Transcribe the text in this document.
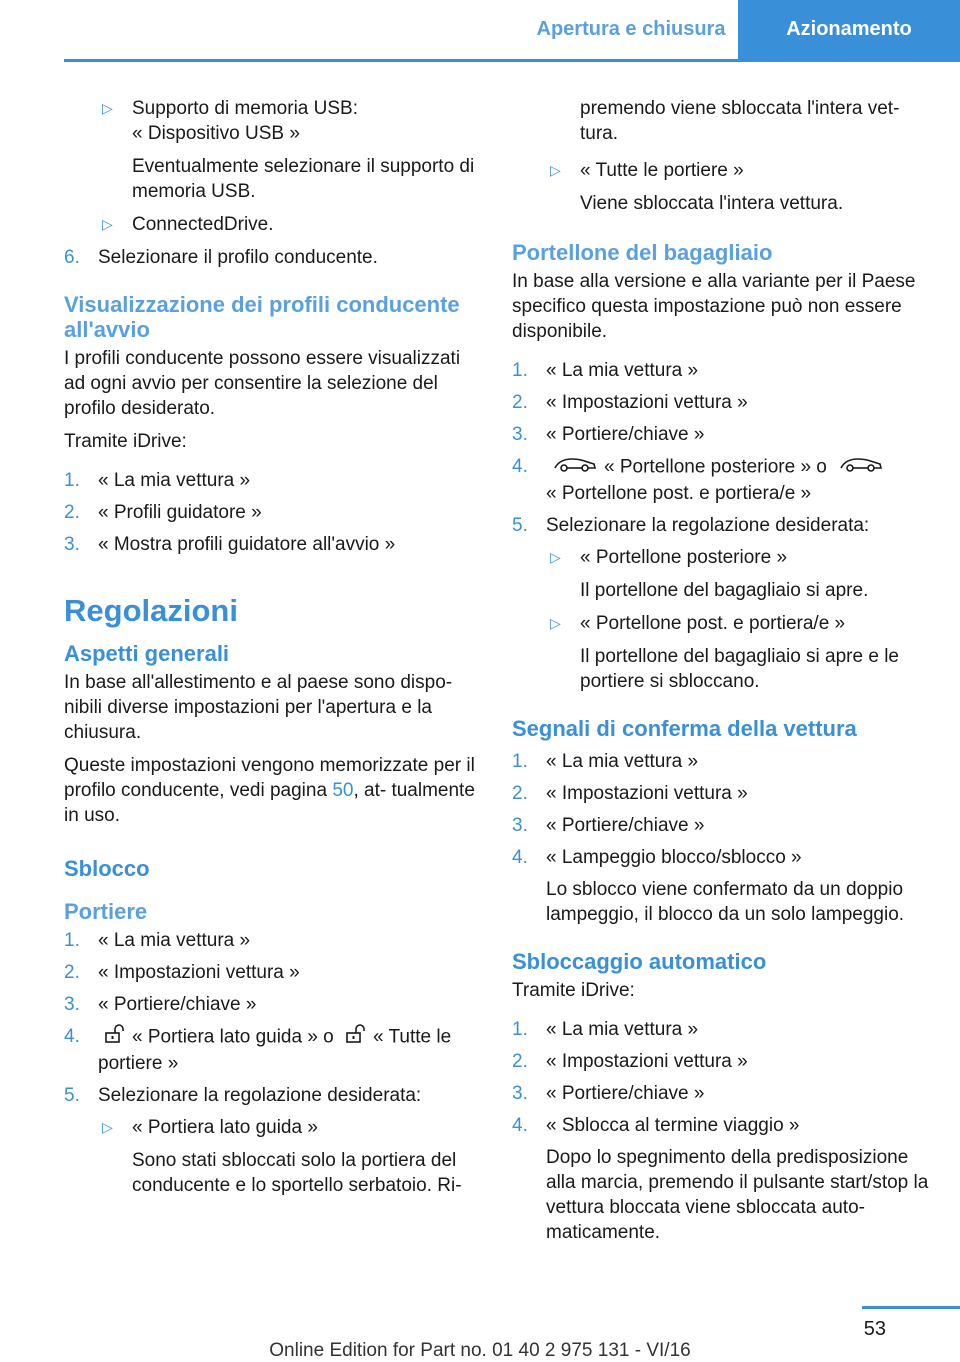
Apertura e chiusura	Azionamento
▷ Supporto di memoria USB:
« Dispositivo USB »
Eventualmente selezionare il supporto di memoria USB.
▷ ConnectedDrive.
6. Selezionare il profilo conducente.
Visualizzazione dei profili conducente all'avvio

I profili conducente possono essere visualizzati ad ogni avvio per consentire la selezione del profilo desiderato.

Tramite iDrive:

1. « La mia vettura »
2. « Profili guidatore »
3. « Mostra profili guidatore all'avvio »
Regolazioni
Aspetti generali

In base all'allestimento e al paese sono dispo- nibili diverse impostazioni per l'apertura e la chiusura.

Queste impostazioni vengono memorizzate per il profilo conducente, vedi pagina 50, at- tualmente in uso.

Sblocco
Portiere
1. « La mia vettura »
2. « Impostazioni vettura »
3. « Portiere/chiave »
4.	« Portiera lato guida » o « Tutte le portiere »
5. Selezionare la regolazione desiderata:
▷ « Portiera lato guida »
Sono stati sbloccati solo la portiera del conducente e lo sportello serbatoio. Ri-
premendo viene sbloccata l'intera vet- tura.
▷ « Tutte le portiere »
Viene sbloccata l'intera vettura.
Portellone del bagagliaio

In base alla versione e alla variante per il Paese specifico questa impostazione può non essere disponibile.

1. « La mia vettura »
2. « Impostazioni vettura »
3. « Portiere/chiave »
4.	« Portellone posteriore » o
« Portellone post. e portiera/e »
5. Selezionare la regolazione desiderata:
▷ « Portellone posteriore »
Il portellone del bagagliaio si apre.
▷ « Portellone post. e portiera/e »
Il portellone del bagagliaio si apre e le portiere si sbloccano.
Segnali di conferma della vettura
1. « La mia vettura »
2. « Impostazioni vettura »
3. « Portiere/chiave »
4. « Lampeggio blocco/sblocco »
Lo sblocco viene confermato da un doppio lampeggio, il blocco da un solo lampeggio.
Sbloccaggio automatico

Tramite iDrive:

1. « La mia vettura »
2. « Impostazioni vettura »
3. « Portiere/chiave »
4. « Sblocca al termine viaggio »
Dopo lo spegnimento della predisposizione alla marcia, premendo il pulsante start/stop la vettura bloccata viene sbloccata auto- maticamente.
53
Online Edition for Part no. 01 40 2 975 131 - VI/16
